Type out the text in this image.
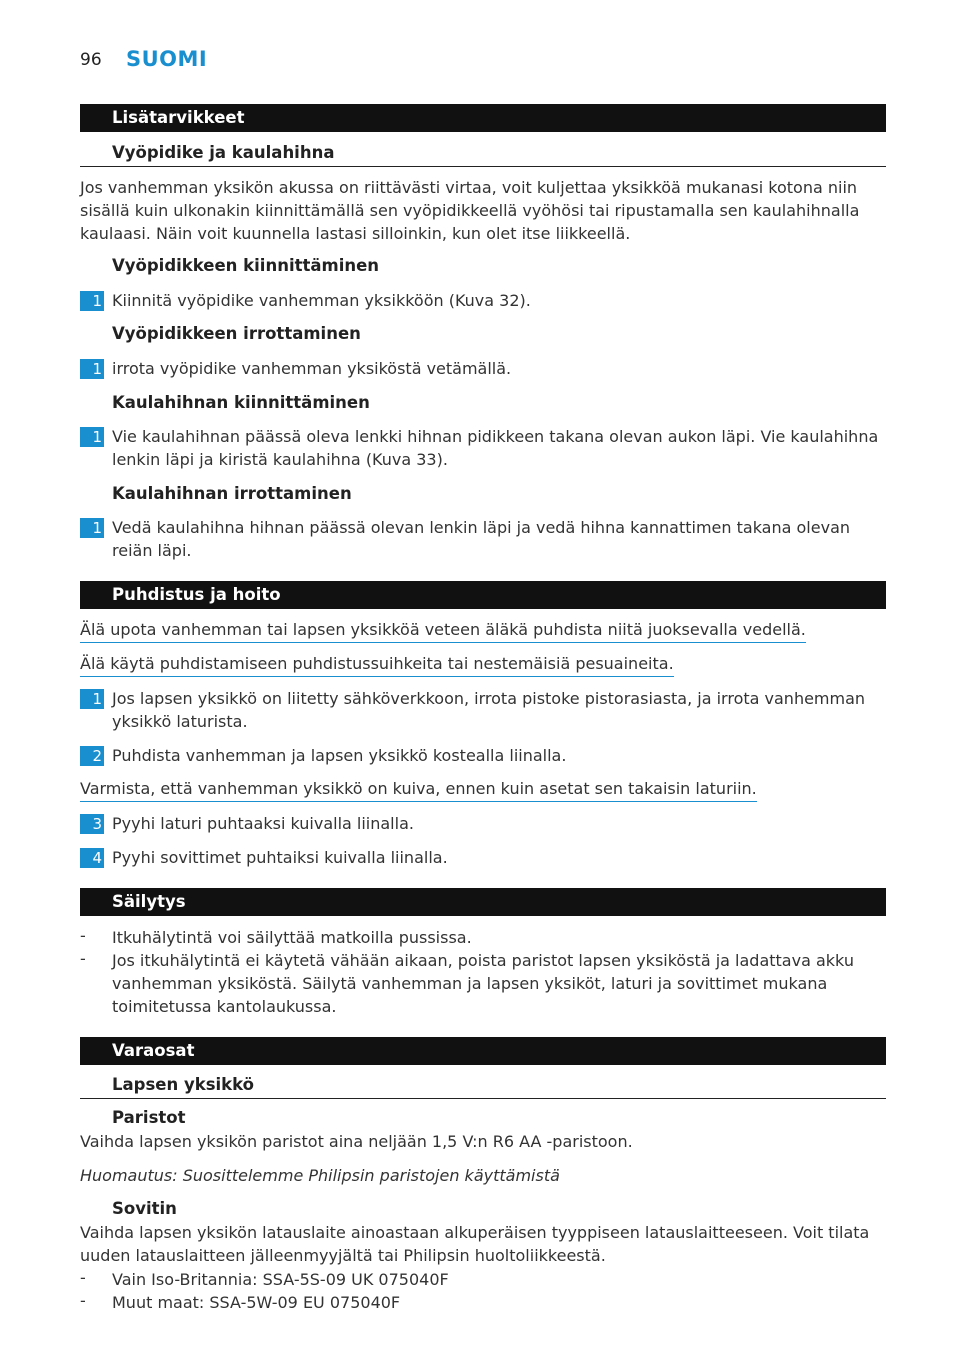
96 SUOMI
Lisätarvikkeet
Vyöpidike ja kaulahihna
Jos vanhemman yksikön akussa on riittävästi virtaa, voit kuljettaa yksikköä mukanasi kotona niin sisällä kuin ulkonakin kiinnittämällä sen vyöpidikkeellä vyöhösi tai ripustamalla sen kaulahihnalla kaulaasi. Näin voit kuunnella lastasi silloinkin, kun olet itse liikkeellä.
Vyöpidikkeen kiinnittäminen
1 Kiinnitä vyöpidike vanhemman yksikköön (Kuva 32).
Vyöpidikkeen irrottaminen
1 irrota vyöpidike vanhemman yksiköstä vetämällä.
Kaulahihnan kiinnittäminen
1 Vie kaulahihnan päässä oleva lenkki hihnan pidikkeen takana olevan aukon läpi. Vie kaulahihna lenkin läpi ja kiristä kaulahihna (Kuva 33).
Kaulahihnan irrottaminen
1 Vedä kaulahihna hihnan päässä olevan lenkin läpi ja vedä hihna kannattimen takana olevan reiän läpi.
Puhdistus ja hoito
Älä upota vanhemman tai lapsen yksikköä veteen äläkä puhdista niitä juoksevalla vedellä.
Älä käytä puhdistamiseen puhdistussuihkeita tai nestemäisiä pesuaineita.
1 Jos lapsen yksikkö on liitetty sähköverkkoon, irrota pistoke pistorasiasta, ja irrota vanhemman yksikkö laturista.
2 Puhdista vanhemman ja lapsen yksikkö kostealla liinalla.
Varmista, että vanhemman yksikkö on kuiva, ennen kuin asetat sen takaisin laturiin.
3 Pyyhi laturi puhtaaksi kuivalla liinalla.
4 Pyyhi sovittimet puhtaiksi kuivalla liinalla.
Säilytys
- Itkuhälytintä voi säilyttää matkoilla pussissa.
- Jos itkuhälytintä ei käytetä vähään aikaan, poista paristot lapsen yksiköstä ja ladattava akku vanhemman yksiköstä. Säilytä vanhemman ja lapsen yksiköt, laturi ja sovittimet mukana toimitetussa kantolaukussa.
Varaosat
Lapsen yksikkö
Paristot
Vaihda lapsen yksikön paristot aina neljään 1,5 V:n R6 AA -paristoon.
Huomautus: Suosittelemme Philipsin paristojen käyttämistä
Sovitin
Vaihda lapsen yksikön latauslaite ainoastaan alkuperäisen tyyppiseen latauslaitteeseen. Voit tilata uuden latauslaitteen jälleenmyyjältä tai Philipsin huoltoliikkeestä.
- Vain Iso-Britannia: SSA-5S-09 UK 075040F
- Muut maat: SSA-5W-09 EU 075040F
